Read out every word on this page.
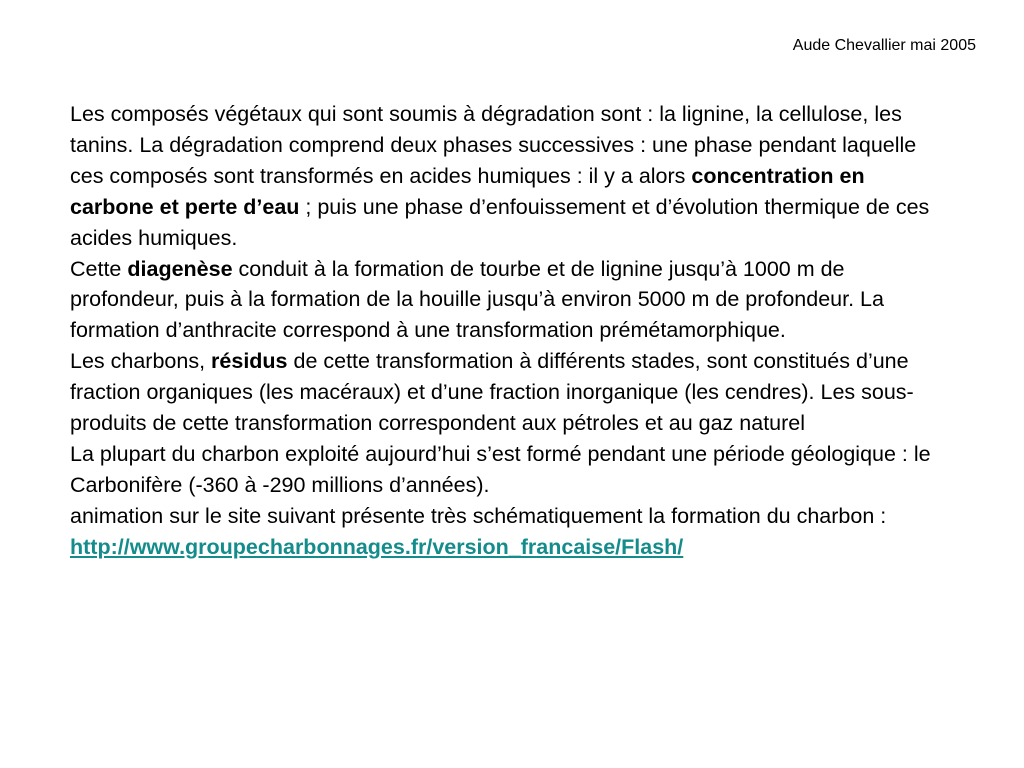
Aude Chevallier mai 2005

Les composés végétaux qui sont soumis à dégradation sont : la lignine, la cellulose, les tanins. La dégradation comprend deux phases successives : une phase pendant laquelle ces composés sont transformés en acides humiques : il y a alors concentration en carbone et perte d’eau ; puis une phase d’enfouissement et d’évolution thermique de ces acides humiques.

Cette diagenèse conduit à la formation de tourbe et de lignine jusqu’à 1000 m de profondeur, puis à la formation de la houille jusqu’à environ 5000 m de profondeur. La formation d’anthracite correspond à une transformation prémétamorphique.

Les charbons, résidus de cette transformation à différents stades, sont constitués d’une fraction organiques (les macéraux) et d’une fraction inorganique (les cendres). Les sous-produits de cette transformation correspondent aux pétroles et au gaz naturel

La plupart du charbon exploité aujourd’hui s’est formé pendant une période géologique : le Carbonifère (-360 à -290 millions d’années).

animation sur le site suivant présente très schématiquement la formation du charbon :

http://www.groupecharbonnages.fr/version_francaise/Flash/
